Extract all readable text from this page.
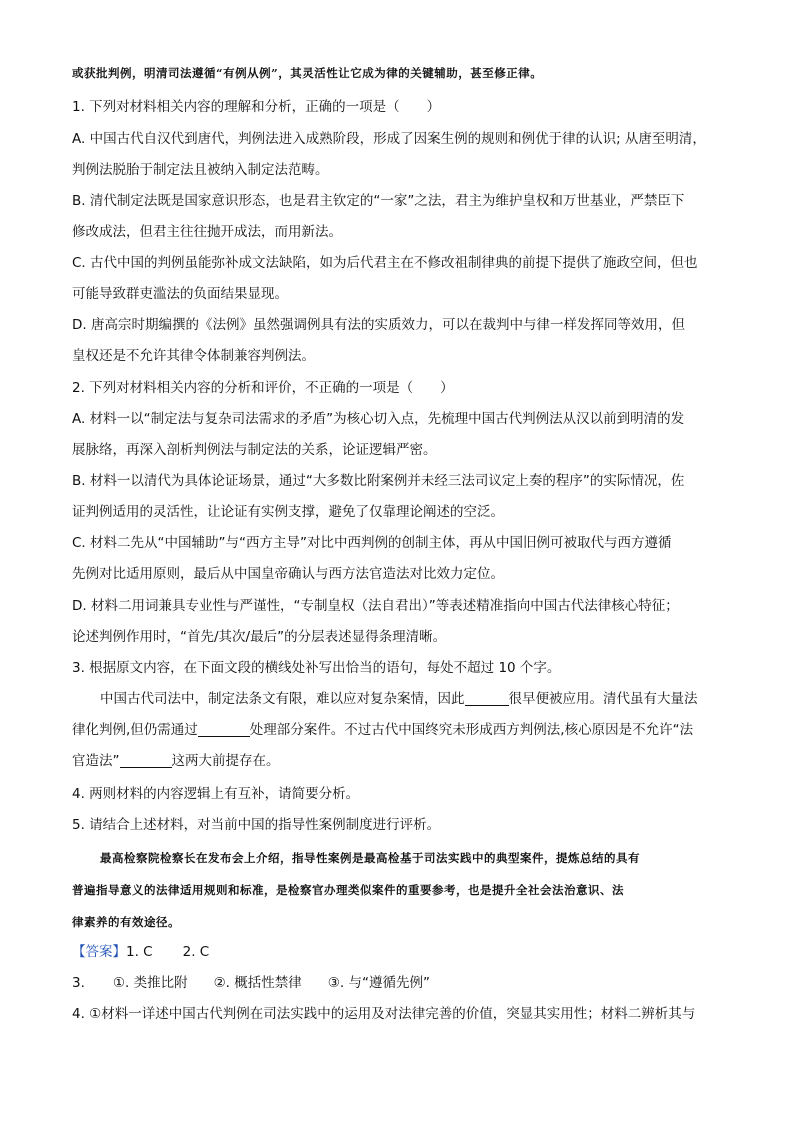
或获批判例，明清司法遵循“有例从例”，其灵活性让它成为律的关键辅助，甚至修正律。
1. 下列对材料相关内容的理解和分析，正确的一项是（　　）
A. 中国古代自汉代到唐代，判例法进入成熟阶段，形成了因案生例的规则和例优于律的认识; 从唐至明清，
判例法脱胎于制定法且被纳入制定法范畴。
B. 清代制定法既是国家意识形态，也是君主钦定的“一家”之法，君主为维护皇权和万世基业，严禁臣下
修改成法，但君主往往抛开成法，而用新法。
C. 古代中国的判例虽能弥补成文法缺陷，如为后代君主在不修改祖制律典的前提下提供了施政空间，但也
可能导致群吏滥法的负面结果显现。
D. 唐高宗时期编撰的《法例》虽然强调例具有法的实质效力，可以在裁判中与律一样发挥同等效用，但
皇权还是不允许其律令体制兼容判例法。
2. 下列对材料相关内容的分析和评价，不正确的一项是（　　）
A. 材料一以“制定法与复杂司法需求的矛盾”为核心切入点，先梳理中国古代判例法从汉以前到明清的发
展脉络，再深入剖析判例法与制定法的关系，论证逻辑严密。
B. 材料一以清代为具体论证场景，通过“大多数比附案例并未经三法司议定上奏的程序”的实际情况，佐
证判例适用的灵活性，让论证有实例支撑，避免了仅靠理论阐述的空泛。
C. 材料二先从“中国辅助”与“西方主导”对比中西判例的创制主体，再从中国旧例可被取代与西方遵循
先例对比适用原则，最后从中国皇帝确认与西方法官造法对比效力定位。
D. 材料二用词兼具专业性与严谨性，“专制皇权（法自君出）”等表述精准指向中国古代法律核心特征；
论述判例作用时，“首先/其次/最后”的分层表述显得条理清晰。
3. 根据原文内容，在下面文段的横线处补写出恰当的语句，每处不超过 10 个字。
中国古代司法中，制定法条文有限，难以应对复杂案情，因此	很早便被应用。清代虽有大量法
律化判例,但仍需通过	处理部分案件。不过古代中国终究未形成西方判例法,核心原因是不允许“法
官造法”	这两大前提存在。
4. 两则材料的内容逻辑上有互补，请简要分析。
5. 请结合上述材料，对当前中国的指导性案例制度进行评析。
最高检察院检察长在发布会上介绍，指导性案例是最高检基于司法实践中的典型案件，提炼总结的具有
普遍指导意义的法律适用规则和标准，是检察官办理类似案件的重要参考，也是提升全社会法治意识、法
律素养的有效途径。
【答案】1. C 2. C
3. ①. 类推比附 ②. 概括性禁律 ③. 与“遵循先例”
4. ①材料一详述中国古代判例在司法实践中的运用及对法律完善的价值，突显其实用性；材料二辨析其与
